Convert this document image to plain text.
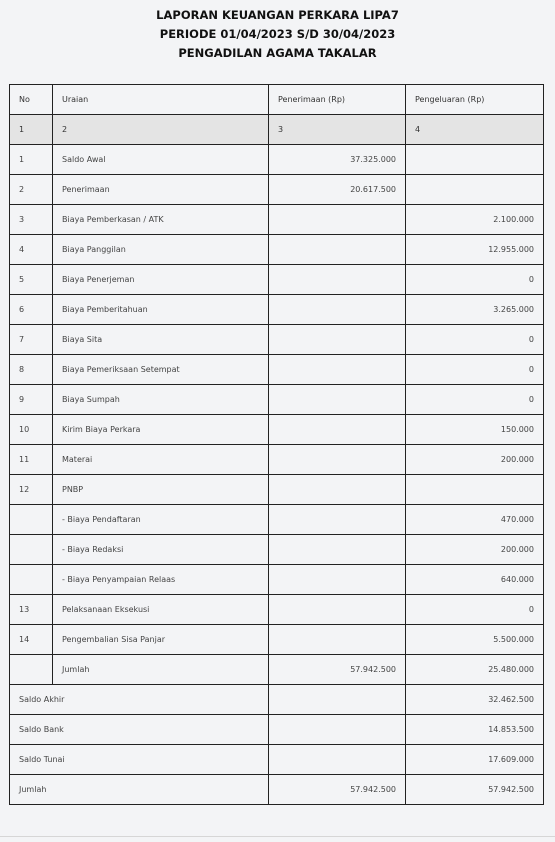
LAPORAN KEUANGAN PERKARA LIPA7
PERIODE 01/04/2023 S/D 30/04/2023
PENGADILAN AGAMA TAKALAR
No	Uraian	Penerimaan (Rp)	Pengeluaran (Rp)
1	2	3	4
1	Saldo Awal	37.325.000	
2	Penerimaan	20.617.500	
3	Biaya Pemberkasan / ATK		2.100.000
4	Biaya Panggilan		12.955.000
5	Biaya Penerjeman		0
6	Biaya Pemberitahuan		3.265.000
7	Biaya Sita		0
8	Biaya Pemeriksaan Setempat		0
9	Biaya Sumpah		0
10	Kirim Biaya Perkara		150.000
11	Materai		200.000
12	PNBP		
	- Biaya Pendaftaran		470.000
	- Biaya Redaksi		200.000
	- Biaya Penyampaian Relaas		640.000
13	Pelaksanaan Eksekusi		0
14	Pengembalian Sisa Panjar		5.500.000
	Jumlah	57.942.500	25.480.000
Saldo Akhir			32.462.500
Saldo Bank			14.853.500
Saldo Tunai			17.609.000
Jumlah		57.942.500	57.942.500
